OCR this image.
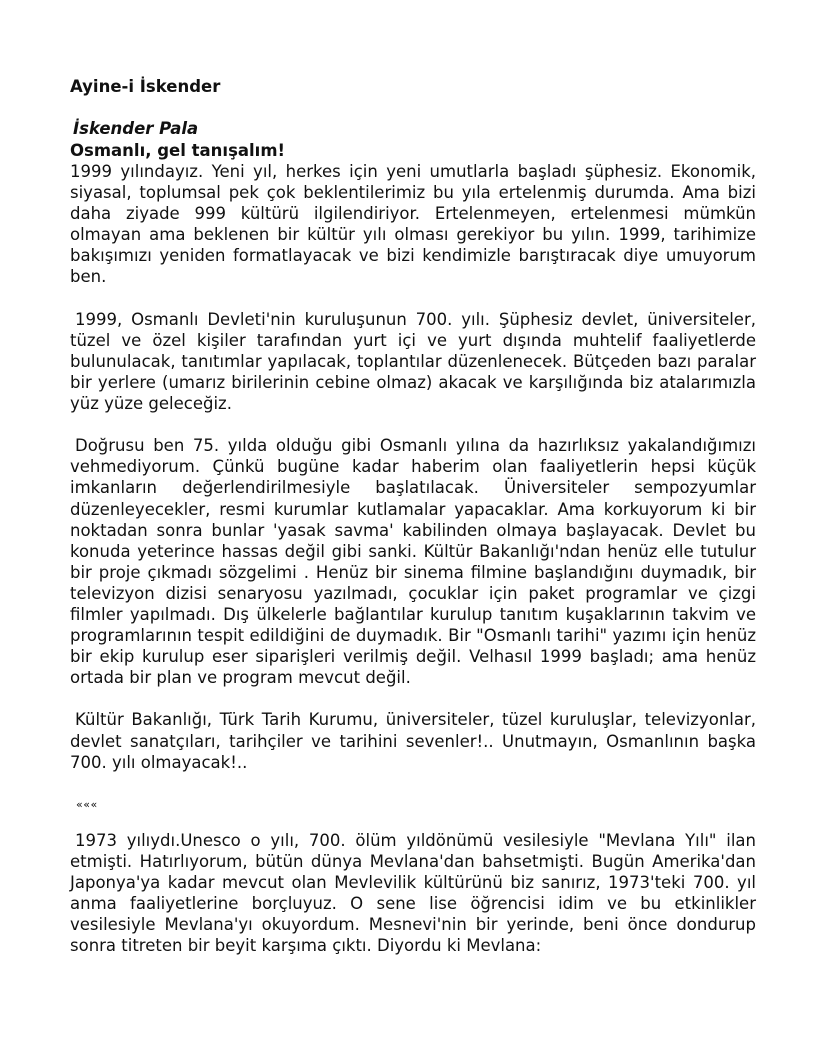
Ayine-i İskender

İskender Pala

Osmanlı, gel tanışalım!

1999 yılındayız. Yeni yıl, herkes için yeni umutlarla başladı şüphesiz. Ekonomik, siyasal, toplumsal pek çok beklentilerimiz bu yıla ertelenmiş durumda. Ama bizi daha ziyade 999 kültürü ilgilendiriyor. Ertelenmeyen, ertelenmesi mümkün olmayan ama beklenen bir kültür yılı olması gerekiyor bu yılın. 1999, tarihimize bakışımızı yeniden formatlayacak ve bizi kendimizle barıştıracak diye umuyorum ben.

1999, Osmanlı Devleti'nin kuruluşunun 700. yılı. Şüphesiz devlet, üniversiteler, tüzel ve özel kişiler tarafından yurt içi ve yurt dışında muhtelif faaliyetlerde bulunulacak, tanıtımlar yapılacak, toplantılar düzenlenecek. Bütçeden bazı paralar bir yerlere (umarız birilerinin cebine olmaz) akacak ve karşılığında biz atalarımızla yüz yüze geleceğiz.

Doğrusu ben 75. yılda olduğu gibi Osmanlı yılına da hazırlıksız yakalandığımızı vehmediyorum. Çünkü bugüne kadar haberim olan faaliyetlerin hepsi küçük imkanların değerlendirilmesiyle başlatılacak. Üniversiteler sempozyumlar düzenleyecekler, resmi kurumlar kutlamalar yapacaklar. Ama korkuyorum ki bir noktadan sonra bunlar 'yasak savma' kabilinden olmaya başlayacak. Devlet bu konuda yeterince hassas değil gibi sanki. Kültür Bakanlığı'ndan henüz elle tutulur bir proje çıkmadı sözgelimi . Henüz bir sinema filmine başlandığını duymadık, bir televizyon dizisi senaryosu yazılmadı, çocuklar için paket programlar ve çizgi filmler yapılmadı. Dış ülkelerle bağlantılar kurulup tanıtım kuşaklarının takvim ve programlarının tespit edildiğini de duymadık. Bir "Osmanlı tarihi" yazımı için henüz bir ekip kurulup eser siparişleri verilmiş değil. Velhasıl 1999 başladı; ama henüz ortada bir plan ve program mevcut değil.

Kültür Bakanlığı, Türk Tarih Kurumu, üniversiteler, tüzel kuruluşlar, televizyonlar, devlet sanatçıları, tarihçiler ve tarihini sevenler!.. Unutmayın, Osmanlının başka 700. yılı olmayacak!..

«««

1973 yılıydı.Unesco o yılı, 700. ölüm yıldönümü vesilesiyle "Mevlana Yılı" ilan etmişti. Hatırlıyorum, bütün dünya Mevlana'dan bahsetmişti. Bugün Amerika'dan Japonya'ya kadar mevcut olan Mevlevilik kültürünü biz sanırız, 1973'teki 700. yıl anma faaliyetlerine borçluyuz. O sene lise öğrencisi idim ve bu etkinlikler vesilesiyle Mevlana'yı okuyordum. Mesnevi'nin bir yerinde, beni önce dondurup sonra titreten bir beyit karşıma çıktı. Diyordu ki Mevlana:
